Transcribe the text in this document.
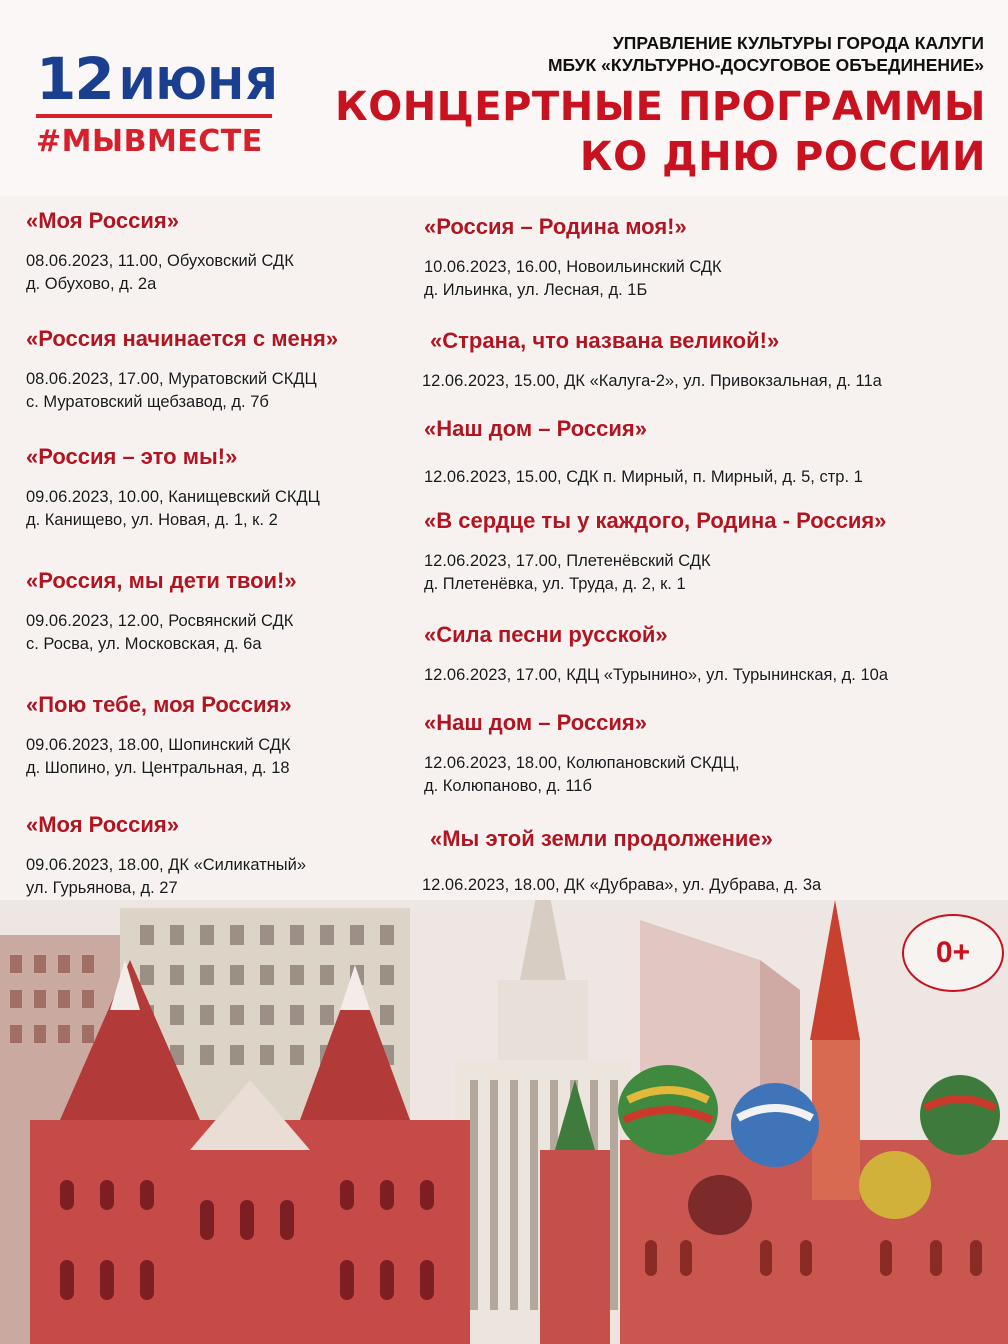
12 ИЮНЯ
#МЫВМЕСТЕ
УПРАВЛЕНИЕ КУЛЬТУРЫ ГОРОДА КАЛУГИ
МБУК «КУЛЬТУРНО-ДОСУГОВОЕ ОБЪЕДИНЕНИЕ»
КОНЦЕРТНЫЕ ПРОГРАММЫ
КО ДНЮ РОССИИ
«Моя Россия»
08.06.2023, 11.00, Обуховский СДК
д. Обухово, д. 2а
«Россия начинается с меня»
08.06.2023, 17.00, Муратовский СКДЦ
с. Муратовский щебзавод, д. 7б
«Россия – это мы!»
09.06.2023, 10.00, Канищевский СКДЦ
д. Канищево, ул. Новая, д. 1, к. 2
«Россия, мы дети твои!»
09.06.2023, 12.00, Росвянский СДК
с. Росва, ул. Московская, д. 6а
«Пою тебе, моя Россия»
09.06.2023, 18.00, Шопинский СДК
д. Шопино, ул. Центральная, д. 18
«Моя Россия»
09.06.2023, 18.00, ДК «Силикатный»
ул. Гурьянова, д. 27
«Россия – Родина моя!»
10.06.2023, 16.00, Новоильинский СДК
д. Ильинка, ул. Лесная, д. 1Б
«Страна, что названа великой!»
12.06.2023, 15.00, ДК «Калуга-2», ул. Привокзальная, д. 11а
«Наш дом – Россия»
12.06.2023, 15.00, СДК п. Мирный, п. Мирный, д. 5, стр. 1
«В сердце ты у каждого, Родина - Россия»
12.06.2023, 17.00, Плетенёвский СДК
д. Плетенёвка, ул. Труда, д. 2, к. 1
«Сила песни русской»
12.06.2023, 17.00, КДЦ «Турынино», ул. Турынинская, д. 10а
«Наш дом – Россия»
12.06.2023, 18.00, Колюпановский СКДЦ,
д. Колюпаново, д. 11б
«Мы этой земли продолжение»
12.06.2023, 18.00, ДК «Дубрава», ул. Дубрава, д. 3а
0+
